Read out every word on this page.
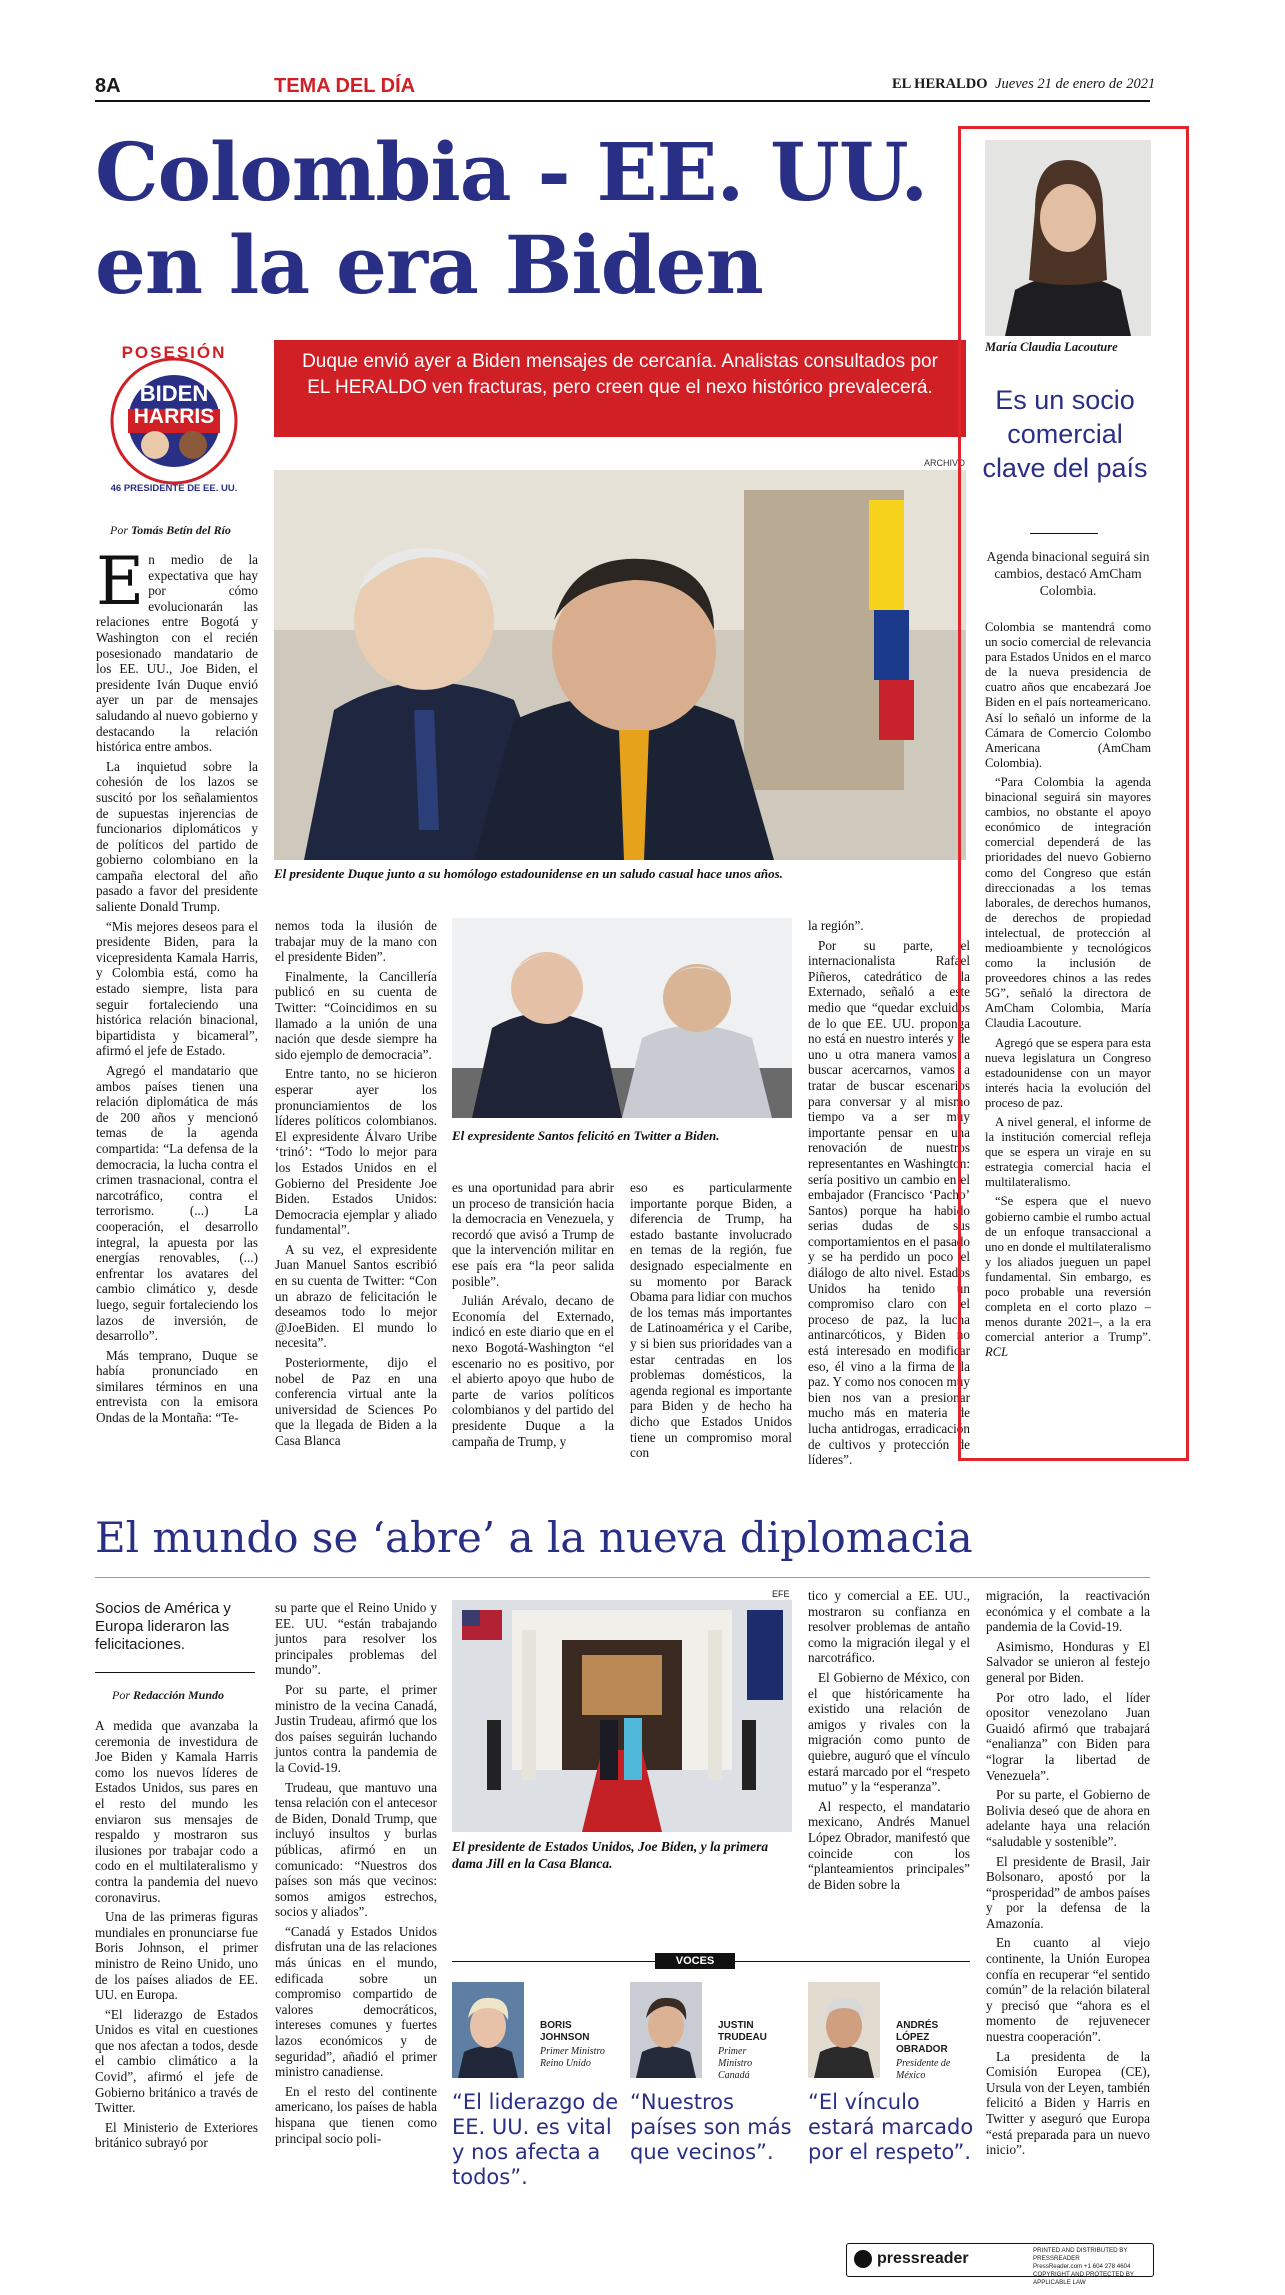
8A	TEMA DEL DÍA	EL HERALDO Jueves 21 de enero de 2021
Colombia - EE. UU.
en la era Biden
POSESIÓN
BIDEN
HARRIS
46 PRESIDENTE DE EE. UU.
Duque envió ayer a Biden mensajes de cercanía. Analistas consultados por EL HERALDO ven fracturas, pero creen que el nexo histórico prevalecerá.
Por Tomás Betín del Río
ARCHIVO
El presidente Duque junto a su homólogo estadounidense en un saludo casual hace unos años.
E n medio de la expectativa que hay por cómo evolucionarán las relaciones entre Bogotá y Washington con el recién posesionado mandatario de los EE. UU., Joe Biden, el presidente Iván Duque envió ayer un par de mensajes saludando al nuevo gobierno y destacando la relación histórica entre ambos.

La inquietud sobre la cohesión de los lazos se suscitó por los señalamientos de supuestas injerencias de funcionarios diplomáticos y de políticos del partido de gobierno colombiano en la campaña electoral del año pasado a favor del presidente saliente Donald Trump.

“Mis mejores deseos para el presidente Biden, para la vicepresidenta Kamala Harris, y Colombia está, como ha estado siempre, lista para seguir fortaleciendo una histórica relación binacional, bipartidista y bicameral”, afirmó el jefe de Estado.

Agregó el mandatario que ambos países tienen una relación diplomática de más de 200 años y mencionó temas de la agenda compartida: “La defensa de la democracia, la lucha contra el crimen trasnacional, contra el narcotráfico, contra el terrorismo. (...) La cooperación, el desarrollo integral, la apuesta por las energías renovables, (...) enfrentar los avatares del cambio climático y, desde luego, seguir fortaleciendo los lazos de inversión, de desarrollo”.

Más temprano, Duque se había pronunciado en similares términos en una entrevista con la emisora Ondas de la Montaña: “Te-

nemos toda la ilusión de trabajar muy de la mano con el presidente Biden”.

Finalmente, la Cancillería publicó en su cuenta de Twitter: “Coincidimos en su llamado a la unión de una nación que desde siempre ha sido ejemplo de democracia”.

Entre tanto, no se hicieron esperar ayer los pronunciamientos de los líderes políticos colombianos. El expresidente Álvaro Uribe ‘trinó’: “Todo lo mejor para los Estados Unidos en el Gobierno del Presidente Joe Biden. Estados Unidos: Democracia ejemplar y aliado fundamental”.

A su vez, el expresidente Juan Manuel Santos escribió en su cuenta de Twitter: “Con un abrazo de felicitación le deseamos todo lo mejor @JoeBiden. El mundo lo necesita”.

Posteriormente, dijo el nobel de Paz en una conferencia virtual ante la universidad de Sciences Po que la llegada de Biden a la Casa Blanca

El expresidente Santos felicitó en Twitter a Biden.

es una oportunidad para abrir un proceso de transición hacia la democracia en Venezuela, y recordó que avisó a Trump de que la intervención militar en ese país era “la peor salida posible”.

Julián Arévalo, decano de Economía del Externado, indicó en este diario que en el nexo Bogotá-Washington “el escenario no es positivo, por el abierto apoyo que hubo de parte de varios políticos colombianos y del partido del presidente Duque a la campaña de Trump, y

eso es particularmente importante porque Biden, a diferencia de Trump, ha estado bastante involucrado en temas de la región, fue designado especialmente en su momento por Barack Obama para lidiar con muchos de los temas más importantes de Latinoamérica y el Caribe, y si bien sus prioridades van a estar centradas en los problemas domésticos, la agenda regional es importante para Biden y de hecho ha dicho que Estados Unidos tiene un compromiso moral con

la región”.

Por su parte, el internacionalista Rafael Piñeros, catedrático de la Externado, señaló a este medio que “quedar excluidos de lo que EE. UU. proponga no está en nuestro interés y de uno u otra manera vamos a buscar acercarnos, vamos a tratar de buscar escenarios para conversar y al mismo tiempo va a ser muy importante pensar en una renovación de nuestros representantes en Washington: sería positivo un cambio en el embajador (Francisco ‘Pacho’ Santos) porque ha habido serias dudas de sus comportamientos en el pasado y se ha perdido un poco el diálogo de alto nivel. Estados Unidos ha tenido un compromiso claro con el proceso de paz, la lucha antinarcóticos, y Biden no está interesado en modificar eso, él vino a la firma de la paz. Y como nos conocen muy bien nos van a presionar mucho más en materia de lucha antidrogas, erradicación de cultivos y protección de líderes”.

María Claudia Lacouture
Es un socio comercial clave del país
Agenda binacional seguirá sin cambios, destacó AmCham Colombia.

Colombia se mantendrá como un socio comercial de relevancia para Estados Unidos en el marco de la nueva presidencia de cuatro años que encabezará Joe Biden en el país norteamericano. Así lo señaló un informe de la Cámara de Comercio Colombo Americana (AmCham Colombia).

“Para Colombia la agenda binacional seguirá sin mayores cambios, no obstante el apoyo económico de integración comercial dependerá de las prioridades del nuevo Gobierno como del Congreso que están direccionadas a los temas laborales, de derechos humanos, de derechos de propiedad intelectual, de protección al medioambiente y tecnológicos como la inclusión de proveedores chinos a las redes 5G”, señaló la directora de AmCham Colombia, María Claudia Lacouture.

Agregó que se espera para esta nueva legislatura un Congreso estadounidense con un mayor interés hacia la evolución del proceso de paz.

A nivel general, el informe de la institución comercial refleja que se espera un viraje en su estrategia comercial hacia el multilateralismo.

“Se espera que el nuevo gobierno cambie el rumbo actual de un enfoque transaccional a uno en donde el multilateralismo y los aliados jueguen un papel fundamental. Sin embargo, es poco probable una reversión completa en el corto plazo –menos durante 2021–, a la era comercial anterior a Trump”. RCL

El mundo se ‘abre’ a la nueva diplomacia
Socios de América y Europa lideraron las felicitaciones.
Por Redacción Mundo

A medida que avanzaba la ceremonia de investidura de Joe Biden y Kamala Harris como los nuevos líderes de Estados Unidos, sus pares en el resto del mundo les enviaron sus mensajes de respaldo y mostraron sus ilusiones por trabajar codo a codo en el multilateralismo y contra la pandemia del nuevo coronavirus.

Una de las primeras figuras mundiales en pronunciarse fue Boris Johnson, el primer ministro de Reino Unido, uno de los países aliados de EE. UU. en Europa.

“El liderazgo de Estados Unidos es vital en cuestiones que nos afectan a todos, desde el cambio climático a la Covid”, afirmó el jefe de Gobierno británico a través de Twitter.

El Ministerio de Exteriores británico subrayó por

su parte que el Reino Unido y EE. UU. “están trabajando juntos para resolver los principales problemas del mundo”.

Por su parte, el primer ministro de la vecina Canadá, Justin Trudeau, afirmó que los dos países seguirán luchando juntos contra la pandemia de la Covid-19.

Trudeau, que mantuvo una tensa relación con el antecesor de Biden, Donald Trump, que incluyó insultos y burlas públicas, afirmó en un comunicado: “Nuestros dos países son más que vecinos: somos amigos estrechos, socios y aliados”.

“Canadá y Estados Unidos disfrutan una de las relaciones más únicas en el mundo, edificada sobre un compromiso compartido de valores democráticos, intereses comunes y fuertes lazos económicos y de seguridad”, añadió el primer ministro canadiense.

En el resto del continente americano, los países de habla hispana que tienen como principal socio poli-

EFE
El presidente de Estados Unidos, Joe Biden, y la primera dama Jill en la Casa Blanca.

tico y comercial a EE. UU., mostraron su confianza en resolver problemas de antaño como la migración ilegal y el narcotráfico.

El Gobierno de México, con el que históricamente ha existido una relación de amigos y rivales con la migración como punto de quiebre, auguró que el vínculo estará marcado por el “respeto mutuo” y la “esperanza”.

Al respecto, el mandatario mexicano, Andrés Manuel López Obrador, manifestó que coincide con los “planteamientos principales” de Biden sobre la

migración, la reactivación económica y el combate a la pandemia de la Covid-19.

Asimismo, Honduras y El Salvador se unieron al festejo general por Biden.

Por otro lado, el líder opositor venezolano Juan Guaidó afirmó que trabajará “enalianza” con Biden para “lograr la libertad de Venezuela”.

Por su parte, el Gobierno de Bolivia deseó que de ahora en adelante haya una relación “saludable y sostenible”.

El presidente de Brasil, Jair Bolsonaro, apostó por la “prosperidad” de ambos países y por la defensa de la Amazonía.

En cuanto al viejo continente, la Unión Europea confía en recuperar “el sentido común” de la relación bilateral y precisó que “ahora es el momento de rejuvenecer nuestra cooperación”.

La presidenta de la Comisión Europea (CE), Ursula von der Leyen, también felicitó a Biden y Harris en Twitter y aseguró que Europa “está preparada para un nuevo inicio”.

VOCES
BORIS JOHNSON
Primer Ministro Reino Unido
“El liderazgo de EE. UU. es vital y nos afecta a todos”.
JUSTIN TRUDEAU
Primer Ministro Canadá
“Nuestros países son más que vecinos”.
ANDRÉS LÓPEZ OBRADOR
Presidente de México
“El vínculo estará marcado por el respeto”.
pressreader	PRINTED AND DISTRIBUTED BY PRESSREADER
PressReader.com +1 604 278 4604
COPYRIGHT AND PROTECTED BY APPLICABLE LAW
